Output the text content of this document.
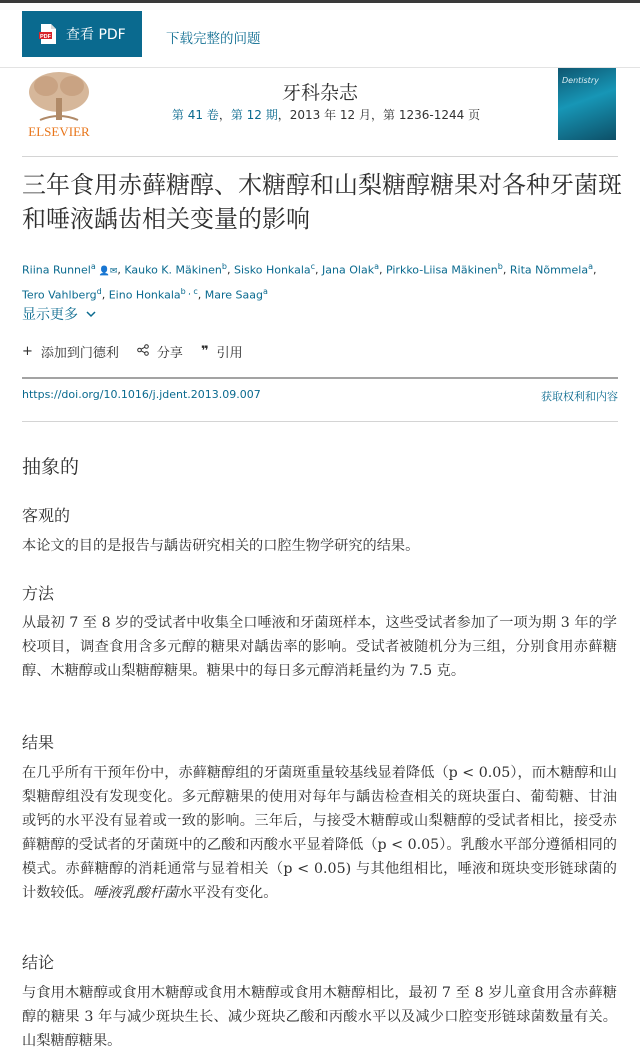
PDF 查看 PDF	下载完整的问题
ELSEVIER
牙科杂志
第 41 卷，第 12 期，2013 年 12 月，第 1236-1244 页
Dentistry
三年食用赤藓糖醇、木糖醇和山梨糖醇糖果对各种牙菌斑和唾液龋齿相关变量的影响
Riina Runnel$^a$ 👤✉, Kauko K. Mäkinen$^b$, Sisko Honkala$^c$, Jana Olak$^a$, Pirkko-Liisa Mäkinen$^b$, Rita Nõmmela$^a$, Tero Vahlberg$^d$, Eino Honkala$^{b , c}$, Mare Saag$^a$
显示更多
+ 添加到门德利	分享 ❞ 引用
https://doi.org/10.1016/j.jdent.2013.09.007	获取权利和内容
抽象的
客观的

本论文的目的是报告与龋齿研究相关的口腔生物学研究的结果。

方法

从最初 7 至 8 岁的受试者中收集全口唾液和牙菌斑样本，这些受试者参加了一项为期 3 年的学校项目，调查食用含多元醇的糖果对龋齿率的影响。受试者被随机分为三组，分别食用赤藓糖醇、木糖醇或山梨糖醇糖果。糖果中的每日多元醇消耗量约为 7.5 克。

结果

在几乎所有干预年份中，赤藓糖醇组的牙菌斑重量较基线显着降低（p < 0.05），而木糖醇和山梨糖醇组没有发现变化。多元醇糖果的使用对每年与龋齿检查相关的斑块蛋白、葡萄糖、甘油或钙的水平没有显着或一致的影响。三年后，与接受木糖醇或山梨糖醇的受试者相比，接受赤藓糖醇的受试者的牙菌斑中的乙酸和丙酸水平显着降低（p < 0.05）。乳酸水平部分遵循相同的模式。赤藓糖醇的消耗通常与显着相关（p < 0.05) 与其他组相比，唾液和斑块变形链球菌的计数较低。唾液乳酸杆菌水平没有变化。

结论

与食用木糖醇或食用木糖醇或食用木糖醇或食用木糖醇相比，最初 7 至 8 岁儿童食用含赤藓糖醇的糖果 3 年与减少斑块生长、减少斑块乙酸和丙酸水平以及减少口腔变形链球菌数量有关。山梨糖醇糖果。
